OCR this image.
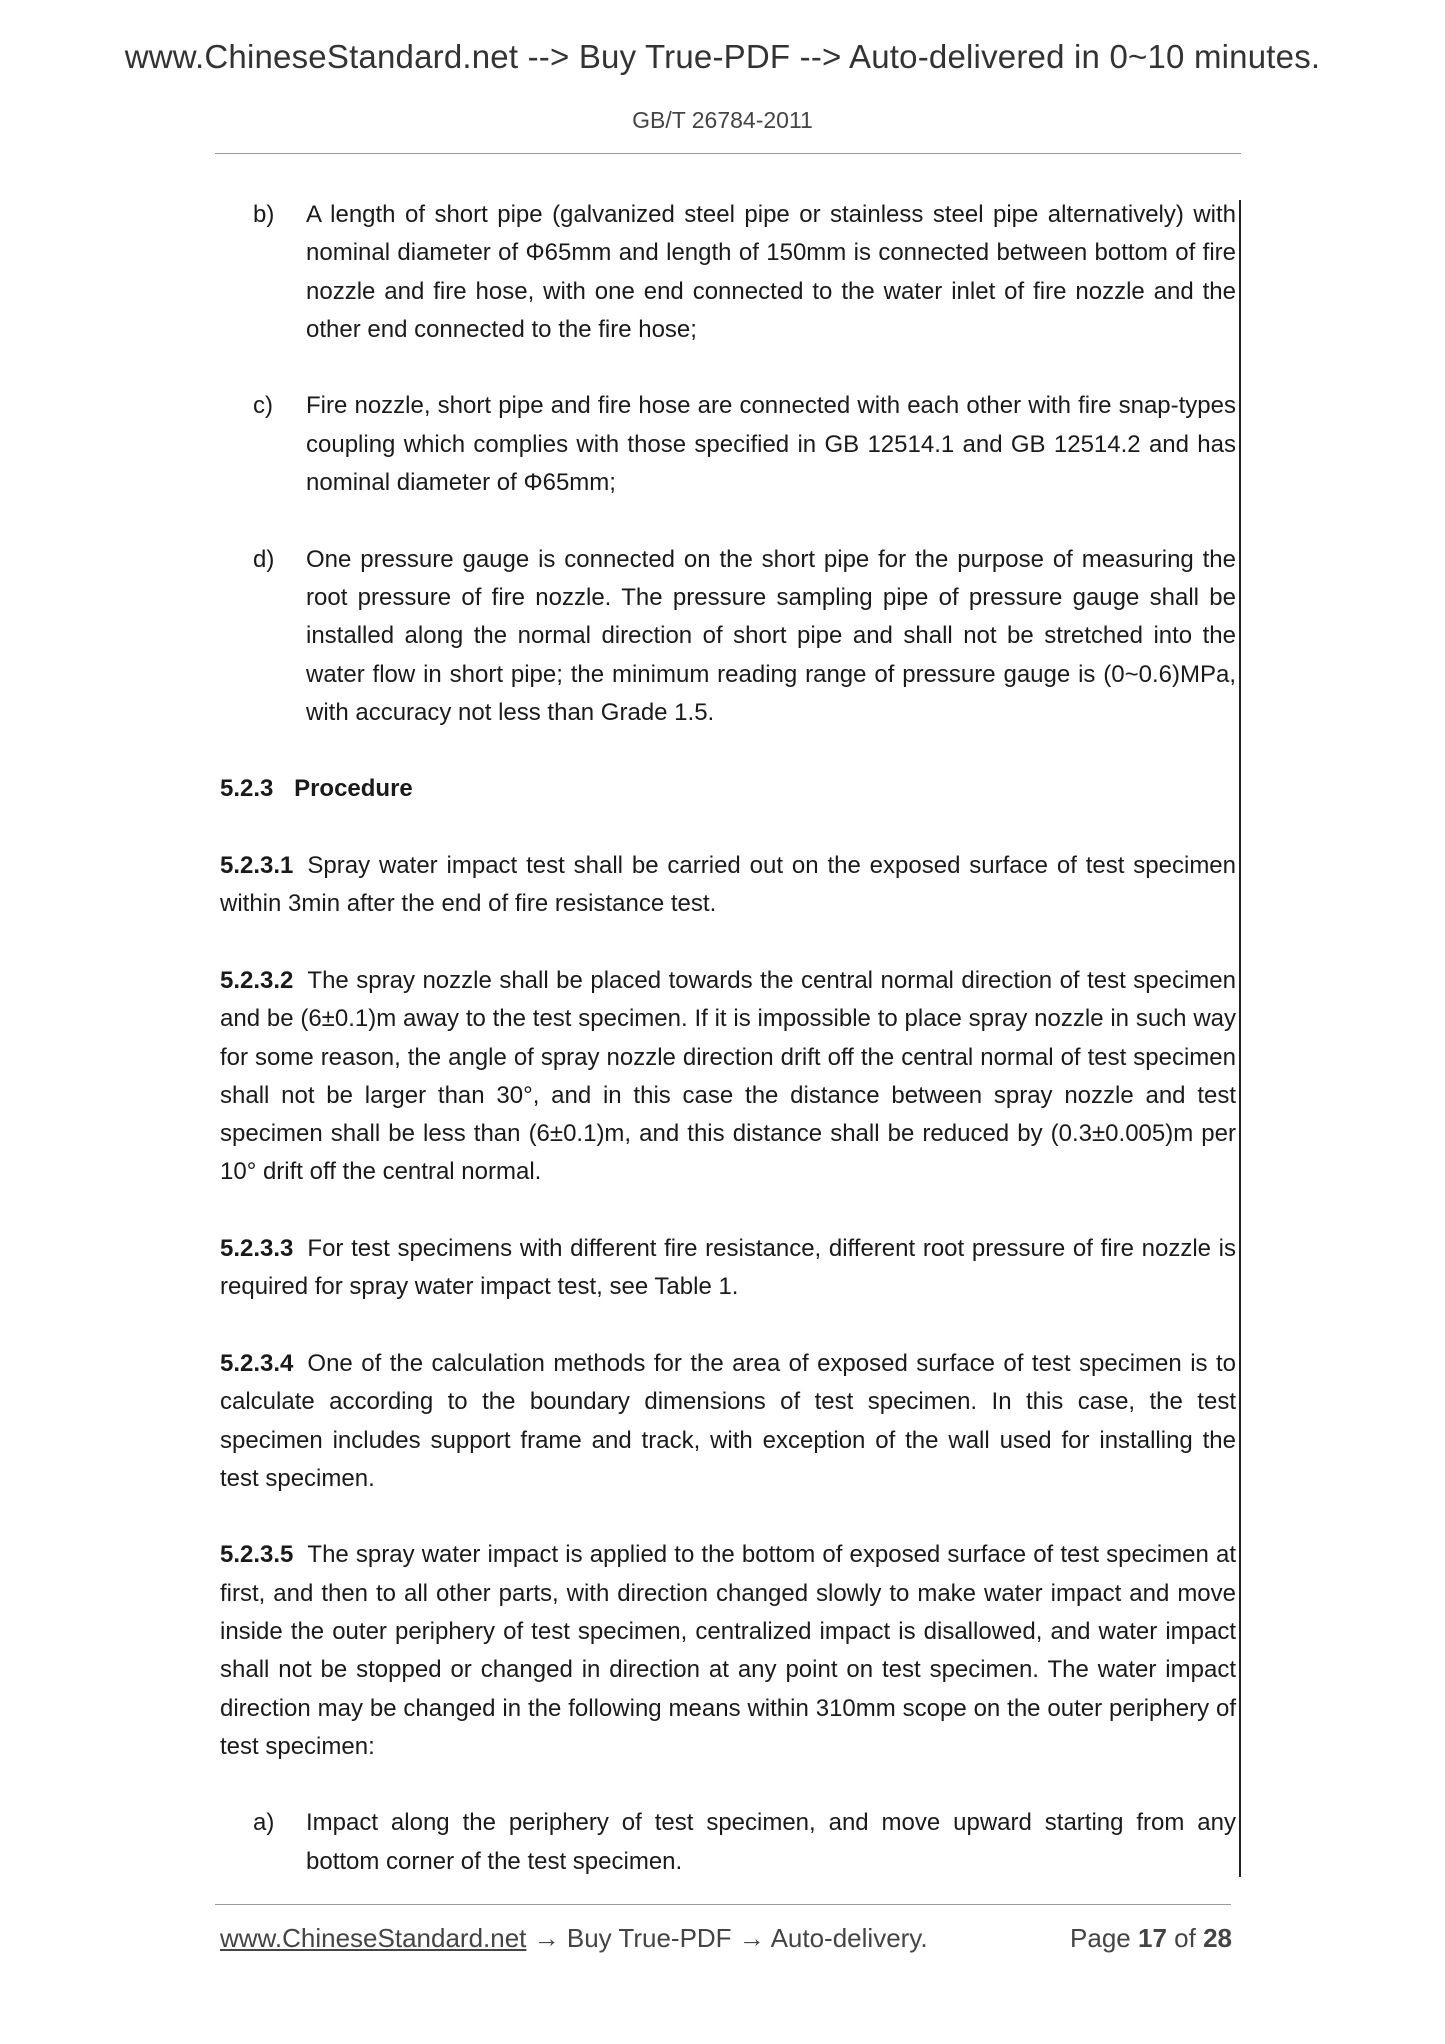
www.ChineseStandard.net --> Buy True-PDF --> Auto-delivered in 0~10 minutes.
GB/T 26784-2011
b) A length of short pipe (galvanized steel pipe or stainless steel pipe alternatively) with nominal diameter of Φ65mm and length of 150mm is connected between bottom of fire nozzle and fire hose, with one end connected to the water inlet of fire nozzle and the other end connected to the fire hose;
c) Fire nozzle, short pipe and fire hose are connected with each other with fire snap-types coupling which complies with those specified in GB 12514.1 and GB 12514.2 and has nominal diameter of Φ65mm;
d) One pressure gauge is connected on the short pipe for the purpose of measuring the root pressure of fire nozzle. The pressure sampling pipe of pressure gauge shall be installed along the normal direction of short pipe and shall not be stretched into the water flow in short pipe; the minimum reading range of pressure gauge is (0~0.6)MPa, with accuracy not less than Grade 1.5.
5.2.3 Procedure
5.2.3.1 Spray water impact test shall be carried out on the exposed surface of test specimen within 3min after the end of fire resistance test.
5.2.3.2 The spray nozzle shall be placed towards the central normal direction of test specimen and be (6±0.1)m away to the test specimen. If it is impossible to place spray nozzle in such way for some reason, the angle of spray nozzle direction drift off the central normal of test specimen shall not be larger than 30°, and in this case the distance between spray nozzle and test specimen shall be less than (6±0.1)m, and this distance shall be reduced by (0.3±0.005)m per 10° drift off the central normal.
5.2.3.3 For test specimens with different fire resistance, different root pressure of fire nozzle is required for spray water impact test, see Table 1.
5.2.3.4 One of the calculation methods for the area of exposed surface of test specimen is to calculate according to the boundary dimensions of test specimen. In this case, the test specimen includes support frame and track, with exception of the wall used for installing the test specimen.
5.2.3.5 The spray water impact is applied to the bottom of exposed surface of test specimen at first, and then to all other parts, with direction changed slowly to make water impact and move inside the outer periphery of test specimen, centralized impact is disallowed, and water impact shall not be stopped or changed in direction at any point on test specimen. The water impact direction may be changed in the following means within 310mm scope on the outer periphery of test specimen:
a) Impact along the periphery of test specimen, and move upward starting from any bottom corner of the test specimen.
www.ChineseStandard.net → Buy True-PDF → Auto-delivery.	Page 17 of 28
